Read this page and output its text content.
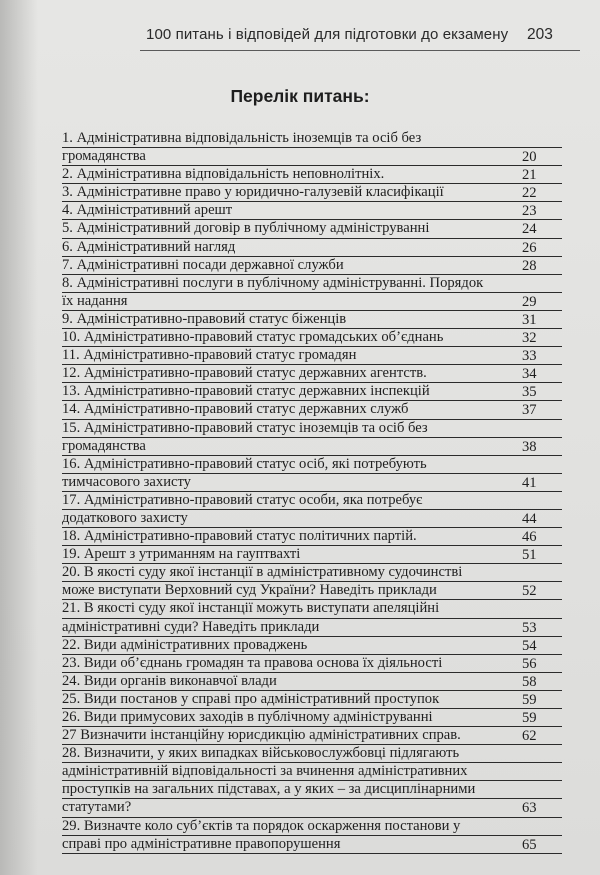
100 питань і відповідей для підготовки до екзамену 203
Перелік питань:
1. Адміністративна відповідальність іноземців та осіб без
громадянства	20
2. Адміністративна відповідальність неповнолітніх.	21
3. Адміністративне право у юридично-галузевій класифікації	22
4. Адміністративний арешт	23
5. Адміністративний договір в публічному адмініструванні	24
6. Адміністративний нагляд	26
7. Адміністративні посади державної служби	28
8. Адміністративні послуги в публічному адмініструванні. Порядок
їх надання	29
9. Адміністративно-правовий статус біженців	31
10. Адміністративно-правовий статус громадських об’єднань	32
11. Адміністративно-правовий статус громадян	33
12. Адміністративно-правовий статус державних агентств.	34
13. Адміністративно-правовий статус державних інспекцій	35
14. Адміністративно-правовий статус державних служб	37
15. Адміністративно-правовий статус іноземців та осіб без
громадянства	38
16. Адміністративно-правовий статус осіб, які потребують
тимчасового захисту	41
17. Адміністративно-правовий статус особи, яка потребує
додаткового захисту	44
18. Адміністративно-правовий статус політичних партій.	46
19. Арешт з утриманням на гауптвахті	51
20. В якості суду якої інстанції в адміністративному судочинстві
може виступати Верховний суд України? Наведіть приклади	52
21. В якості суду якої інстанції можуть виступати апеляційні
адміністративні суди? Наведіть приклади	53
22. Види адміністративних проваджень	54
23. Види об’єднань громадян та правова основа їх діяльності	56
24. Види органів виконавчої влади	58
25. Види постанов у справі про адміністративний проступок	59
26. Види примусових заходів в публічному адмініструванні	59
27 Визначити інстанційну юрисдикцію адміністративних справ.	62
28. Визначити, у яких випадках військовослужбовці підлягають
адміністративній відповідальності за вчинення адміністративних
проступків на загальних підставах, а у яких – за дисциплінарними
статутами?	63
29. Визначте коло суб’єктів та порядок оскарження постанови у
справі про адміністративне правопорушення	65
